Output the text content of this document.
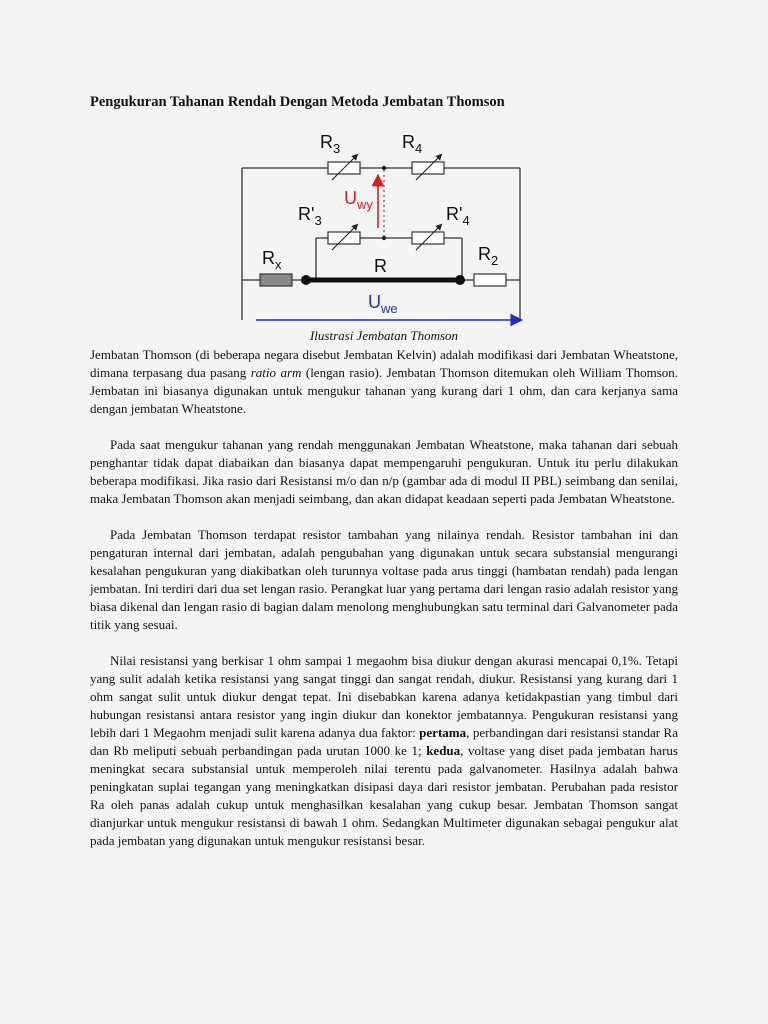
Pengukuran Tahanan Rendah Dengan Metoda Jembatan Thomson
$R_3$	$R_4$
$R'_3$	$R'_4$
$U_{wy}$
$R_x$	R
$R_2$
$U_{we}$
Ilustrasi Jembatan Thomson

Jembatan Thomson (di beberapa negara disebut Jembatan Kelvin) adalah modifikasi dari Jembatan Wheatstone, dimana terpasang dua pasang ratio arm (lengan rasio). Jembatan Thomson ditemukan oleh William Thomson. Jembatan ini biasanya digunakan untuk mengukur tahanan yang kurang dari 1 ohm, dan cara kerjanya sama dengan jembatan Wheatstone.

Pada saat mengukur tahanan yang rendah menggunakan Jembatan Wheatstone, maka tahanan dari sebuah penghantar tidak dapat diabaikan dan biasanya dapat mempengaruhi pengukuran. Untuk itu perlu dilakukan beberapa modifikasi. Jika rasio dari Resistansi m/o dan n/p (gambar ada di modul II PBL) seimbang dan senilai, maka Jembatan Thomson akan menjadi seimbang, dan akan didapat keadaan seperti pada Jembatan Wheatstone.

Pada Jembatan Thomson terdapat resistor tambahan yang nilainya rendah. Resistor tambahan ini dan pengaturan internal dari jembatan, adalah pengubahan yang digunakan untuk secara substansial mengurangi kesalahan pengukuran yang diakibatkan oleh turunnya voltase pada arus tinggi (hambatan rendah) pada lengan jembatan. Ini terdiri dari dua set lengan rasio. Perangkat luar yang pertama dari lengan rasio adalah resistor yang biasa dikenal dan lengan rasio di bagian dalam menolong menghubungkan satu terminal dari Galvanometer pada titik yang sesuai.

Nilai resistansi yang berkisar 1 ohm sampai 1 megaohm bisa diukur dengan akurasi mencapai 0,1%. Tetapi yang sulit adalah ketika resistansi yang sangat tinggi dan sangat rendah, diukur. Resistansi yang kurang dari 1 ohm sangat sulit untuk diukur dengat tepat. Ini disebabkan karena adanya ketidakpastian yang timbul dari hubungan resistansi antara resistor yang ingin diukur dan konektor jembatannya. Pengukuran resistansi yang lebih dari 1 Megaohm menjadi sulit karena adanya dua faktor: pertama, perbandingan dari resistansi standar Ra dan Rb meliputi sebuah perbandingan pada urutan 1000 ke 1; kedua, voltase yang diset pada jembatan harus meningkat secara substansial untuk memperoleh nilai terentu pada galvanometer. Hasilnya adalah bahwa peningkatan suplai tegangan yang meningkatkan disipasi daya dari resistor jembatan. Perubahan pada resistor Ra oleh panas adalah cukup untuk menghasilkan kesalahan yang cukup besar. Jembatan Thomson sangat dianjurkar untuk mengukur resistansi di bawah 1 ohm. Sedangkan Multimeter digunakan sebagai pengukur alat pada jembatan yang digunakan untuk mengukur resistansi besar.
